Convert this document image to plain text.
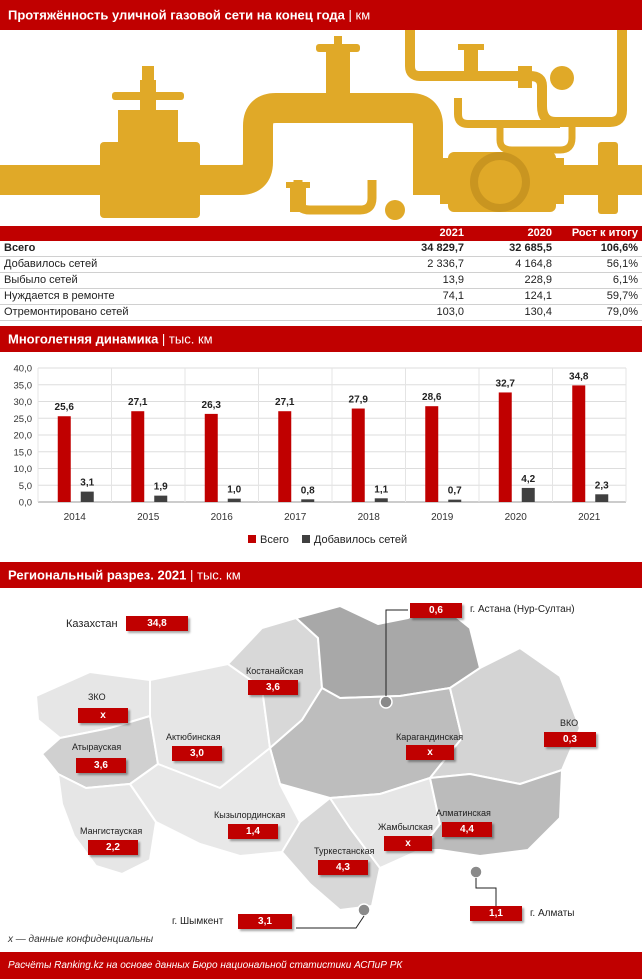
Протяжённость уличной газовой сети на конец года | км
	2021	2020	Рост к итогу
Всего	34 829,7	32 685,5	106,6%
Добавилось сетей	2 336,7	4 164,8	56,1%
Выбыло сетей	13,9	228,9	6,1%
Нуждается в ремонте	74,1	124,1	59,7%
Отремонтировано сетей	103,0	130,4	79,0%
Многолетняя динамика | тыс. км
0,0
5,0
10,0
15,0
20,0
25,0
30,0
35,0
40,0
25,6
3,1
2014
27,1
1,9
2015
26,3
1,0
2016
27,1
0,8
2017
27,9
1,1
2018
28,6
0,7
2019
32,7
4,2
2020
34,8
2,3
2021
Всего Добавилось сетей
Региональный разрез. 2021 | тыс. км
Казахстан	34,8
0,6	г. Астана (Нур-Султан)
Костанайская
3,6
ЗКО
x
Атырауская
3,6
Актюбинская
3,0
Карагандинская
x
ВКО
0,3
Мангистауская
2,2
Кызылординская
1,4
Алматинская
4,4
Жамбылская
x
Туркестанская
4,3
г. Шымкент	3,1
1,1	г. Алматы
x — данные конфиденциальны
Расчёты Ranking.kz на основе данных Бюро национальной статистики АСПиР РК
